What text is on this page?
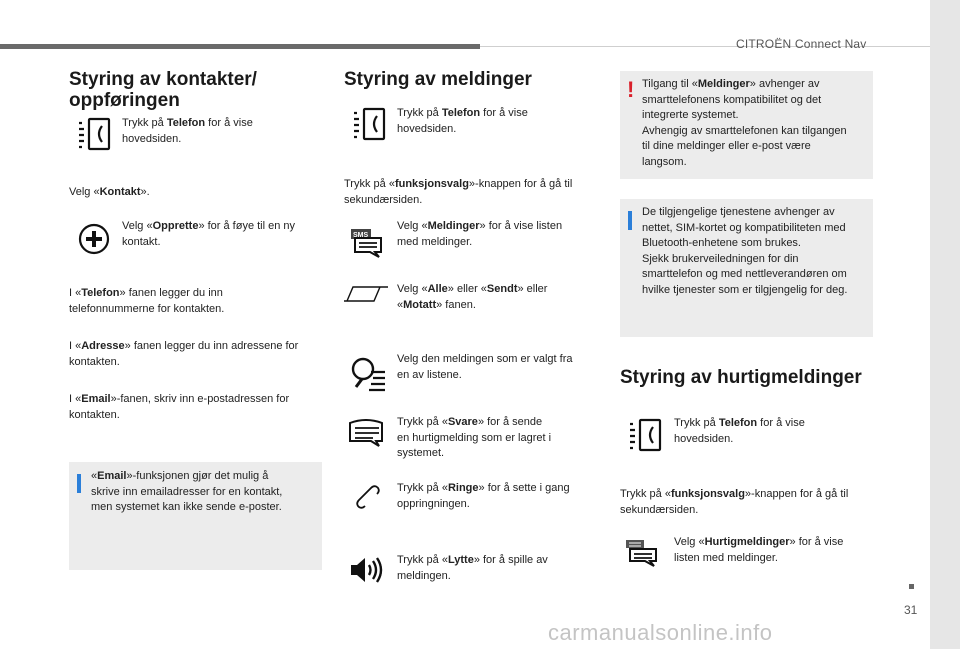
CITROËN Connect Nav
31
carmanualsonline.info
Styring av kontakter/
oppføringen
Trykk på Telefon for å vise
hovedsiden.
Velg «Kontakt».
Velg «Opprette» for å føye til en ny
kontakt.
I «Telefon» fanen legger du inn
telefonnummerne for kontakten.
I «Adresse» fanen legger du inn adressene for
kontakten.
I «Email»-fanen, skriv inn e-postadressen for
kontakten.
«Email»-funksjonen gjør det mulig å
skrive inn emailadresser for en kontakt,
men systemet kan ikke sende e-poster.
Styring av meldinger
Trykk på Telefon for å vise
hovedsiden.
Trykk på «funksjonsvalg»-knappen for å gå til
sekundærsiden.
SMS
Velg «Meldinger» for å vise listen
med meldinger.
Velg «Alle» eller «Sendt» eller
«Motatt» fanen.
Velg den meldingen som er valgt fra
en av listene.
Trykk på «Svare» for å sende
en hurtigmelding som er lagret i
systemet.
Trykk på «Ringe» for å sette i gang
oppringningen.
Trykk på «Lytte» for å spille av
meldingen.
! Tilgang til «Meldinger» avhenger av
smarttelefonens kompatibilitet og det
integrerte systemet.
Avhengig av smarttelefonen kan tilgangen
til dine meldinger eller e-post være
langsom.
De tilgjengelige tjenestene avhenger av
nettet, SIM-kortet og kompatibiliteten med
Bluetooth-enhetene som brukes.
Sjekk brukerveiledningen for din
smarttelefon og med nettleverandøren om
hvilke tjenester som er tilgjengelig for deg.
Styring av hurtigmeldinger
Trykk på Telefon for å vise
hovedsiden.
Trykk på «funksjonsvalg»-knappen for å gå til
sekundærsiden.
Velg «Hurtigmeldinger» for å vise
listen med meldinger.
